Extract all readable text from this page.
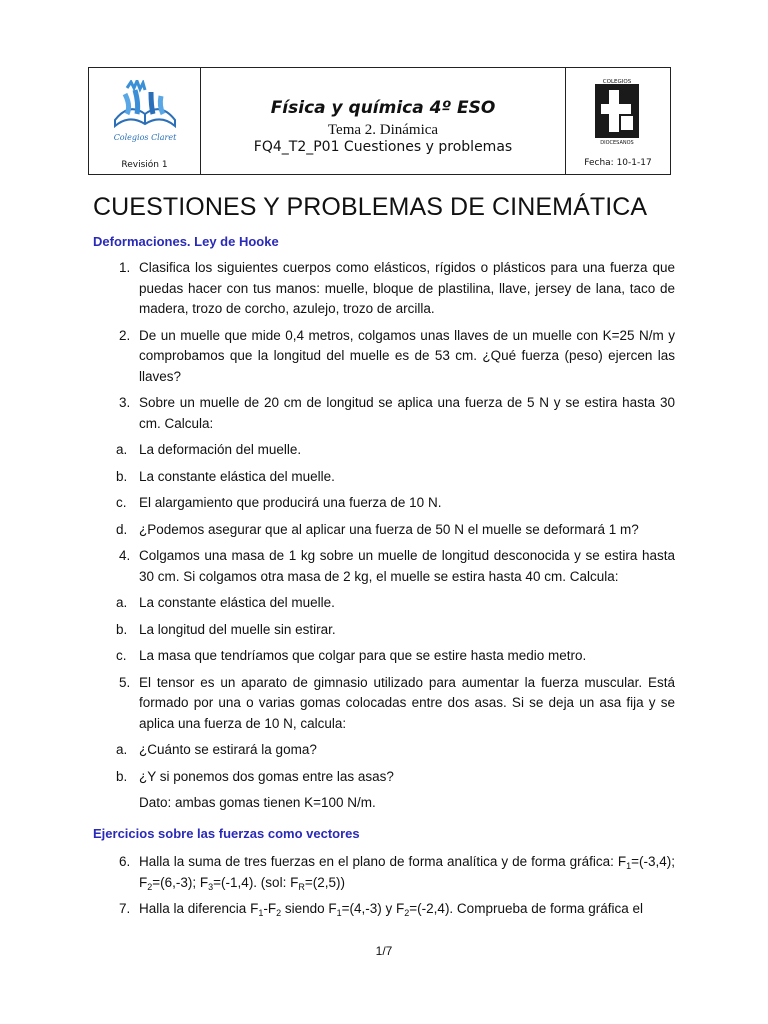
Colegios Claret
Revisión 1
Física y química 4º ESO
Tema 2. Dinámica
FQ4_T2_P01 Cuestiones y problemas
COLEGIOS
DIOCESANOS
Fecha: 10-1-17
CUESTIONES Y PROBLEMAS DE CINEMÁTICA
Deformaciones. Ley de Hooke
1. Clasifica los siguientes cuerpos como elásticos, rígidos o plásticos para una fuerza que puedas hacer con tus manos: muelle, bloque de plastilina, llave, jersey de lana, taco de madera, trozo de corcho, azulejo, trozo de arcilla.
2. De un muelle que mide 0,4 metros, colgamos unas llaves de un muelle con K=25 N/m y comprobamos que la longitud del muelle es de 53 cm. ¿Qué fuerza (peso) ejercen las llaves?
3. Sobre un muelle de 20 cm de longitud se aplica una fuerza de 5 N y se estira hasta 30 cm. Calcula:
a. La deformación del muelle.
b. La constante elástica del muelle.
c. El alargamiento que producirá una fuerza de 10 N.
d. ¿Podemos asegurar que al aplicar una fuerza de 50 N el muelle se deformará 1 m?
4. Colgamos una masa de 1 kg sobre un muelle de longitud desconocida y se estira hasta 30 cm. Si colgamos otra masa de 2 kg, el muelle se estira hasta 40 cm. Calcula:
a. La constante elástica del muelle.
b. La longitud del muelle sin estirar.
c. La masa que tendríamos que colgar para que se estire hasta medio metro.
5. El tensor es un aparato de gimnasio utilizado para aumentar la fuerza muscular. Está formado por una o varias gomas colocadas entre dos asas. Si se deja un asa fija y se aplica una fuerza de 10 N, calcula:
a. ¿Cuánto se estirará la goma?
b. ¿Y si ponemos dos gomas entre las asas?
Dato: ambas gomas tienen K=100 N/m.
Ejercicios sobre las fuerzas como vectores
6. Halla la suma de tres fuerzas en el plano de forma analítica y de forma gráfica: $F_1=(-3,4)$; $F_2=(6,-3)$; $F_3=(-1,4)$. (sol: $F_R=(2,5)$)
7. Halla la diferencia $F_1-F_2$ siendo $F_1=(4,-3)$ y $F_2=(-2,4)$. Comprueba de forma gráfica el
1/7
